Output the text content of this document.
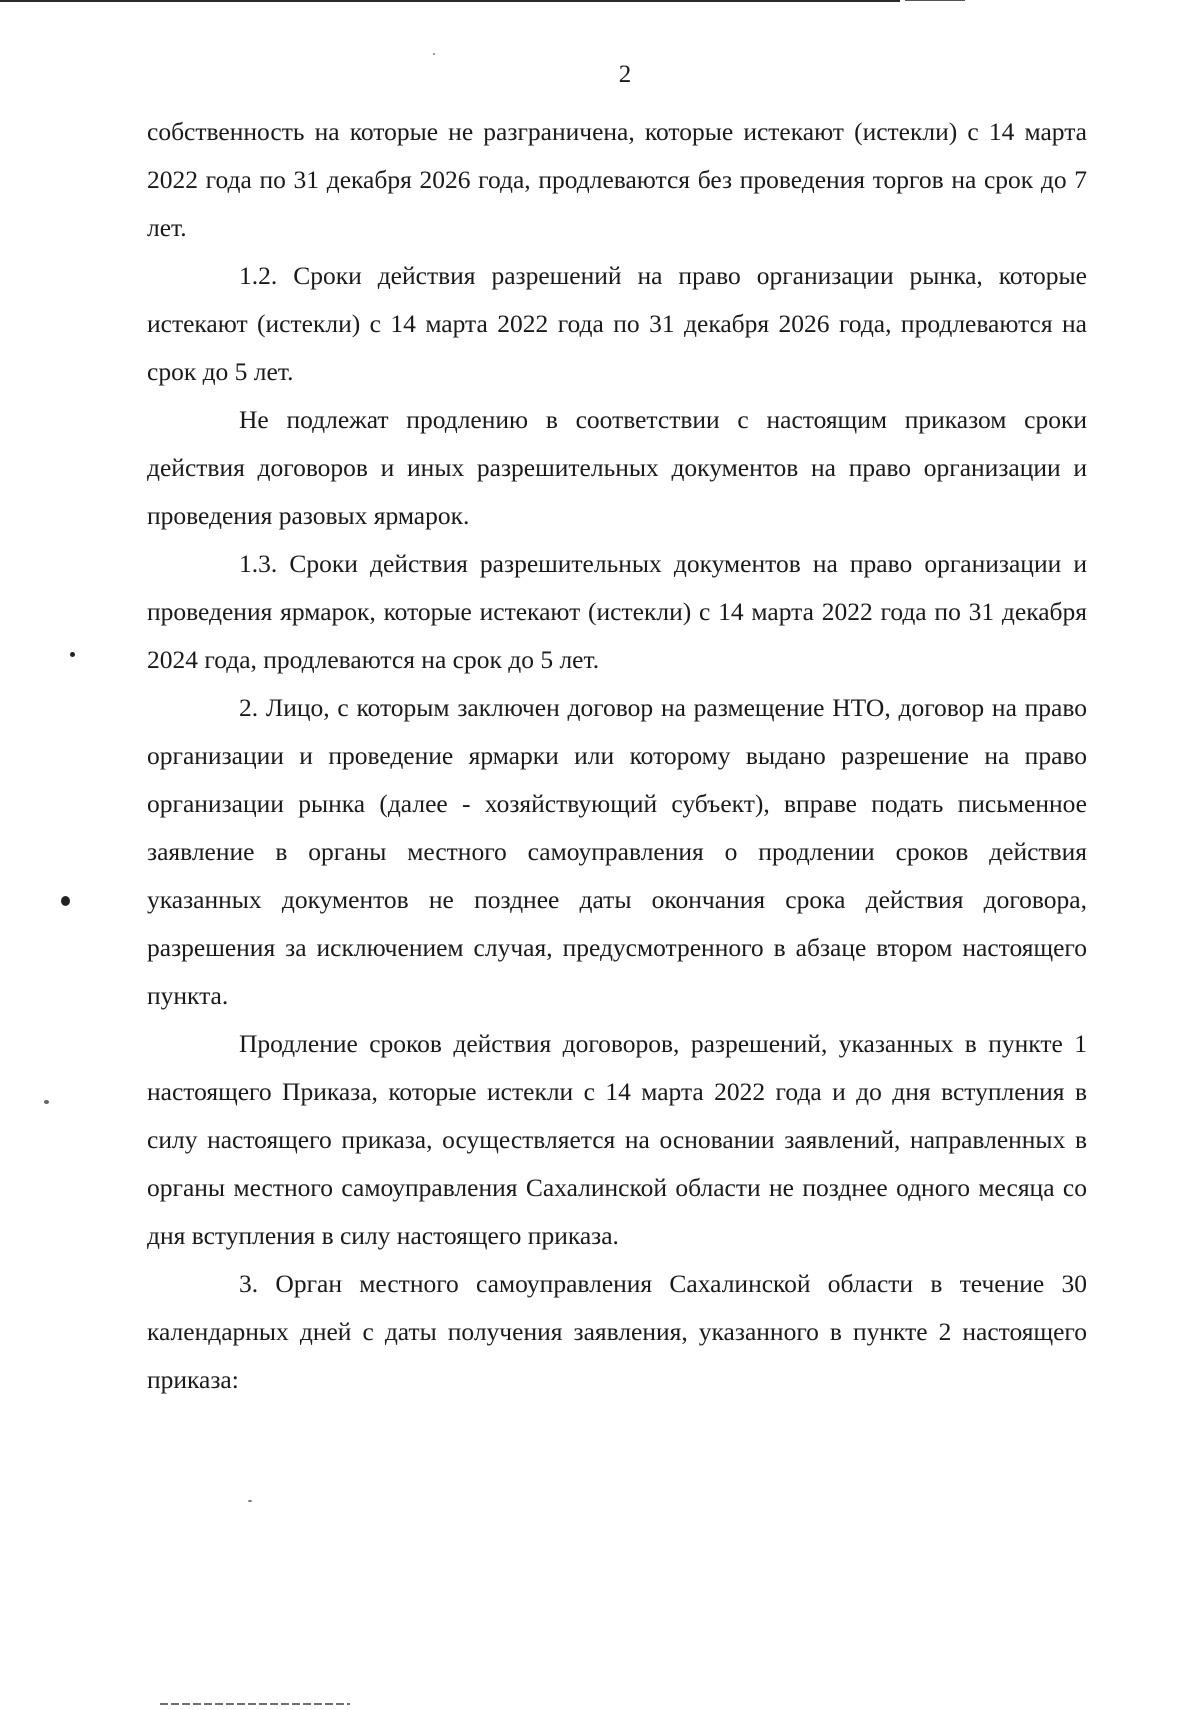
2

собственность на которые не разграничена, которые истекают (истекли) с 14 марта 2022 года по 31 декабря 2026 года, продлеваются без проведения торгов на срок до 7 лет.

1.2. Сроки действия разрешений на право организации рынка, которые истекают (истекли) с 14 марта 2022 года по 31 декабря 2026 года, продлеваются на срок до 5 лет.

Не подлежат продлению в соответствии с настоящим приказом сроки действия договоров и иных разрешительных документов на право организации и проведения разовых ярмарок.

1.3. Сроки действия разрешительных документов на право организации и проведения ярмарок, которые истекают (истекли) с 14 марта 2022 года по 31 декабря 2024 года, продлеваются на срок до 5 лет.

2. Лицо, с которым заключен договор на размещение НТО, договор на право организации и проведение ярмарки или которому выдано разрешение на право организации рынка (далее - хозяйствующий субъект), вправе подать письменное заявление в органы местного самоуправления о продлении сроков действия указанных документов не позднее даты окончания срока действия договора, разрешения за исключением случая, предусмотренного в абзаце втором настоящего пункта.

Продление сроков действия договоров, разрешений, указанных в пункте 1 настоящего Приказа, которые истекли с 14 марта 2022 года и до дня вступления в силу настоящего приказа, осуществляется на основании заявлений, направленных в органы местного самоуправления Сахалинской области не позднее одного месяца со дня вступления в силу настоящего приказа.

3. Орган местного самоуправления Сахалинской области в течение 30 календарных дней с даты получения заявления, указанного в пункте 2 настоящего приказа:
